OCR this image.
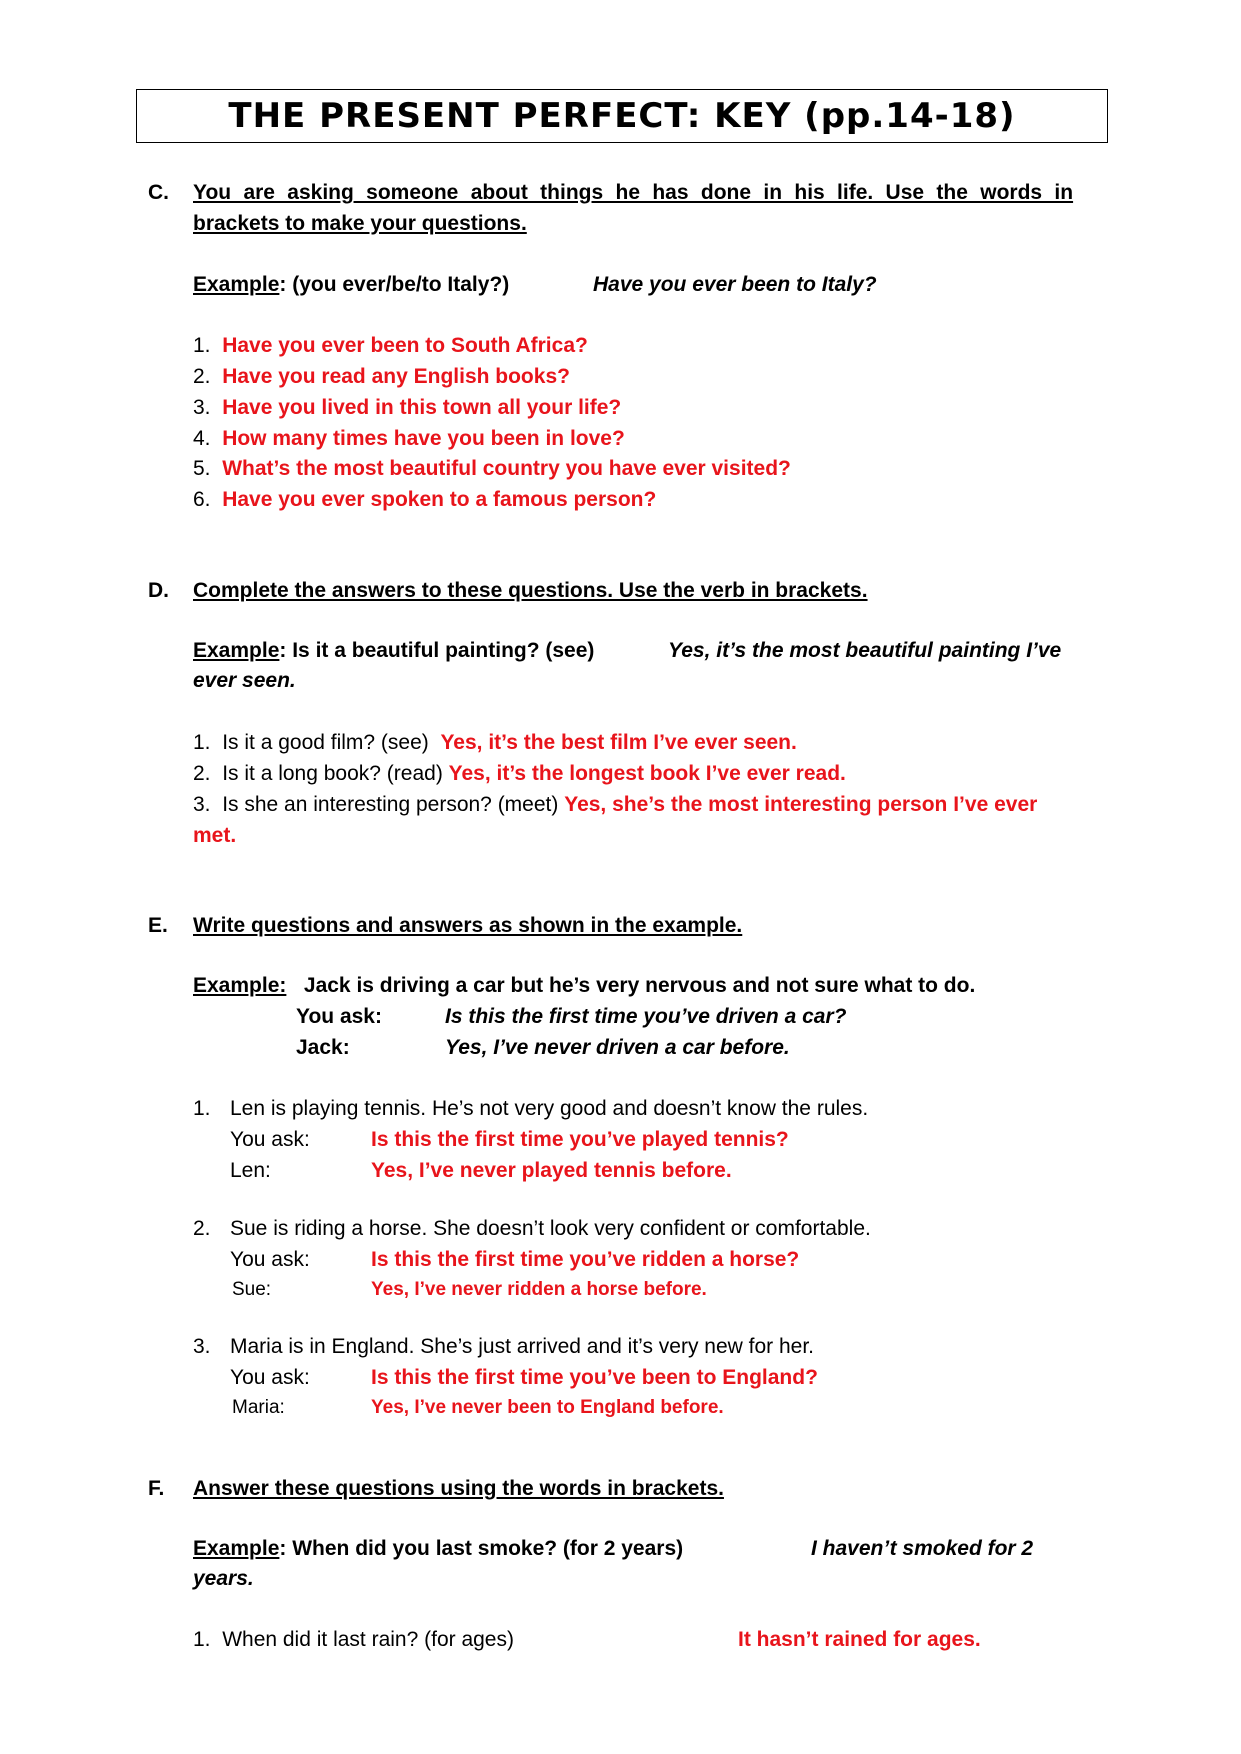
THE PRESENT PERFECT: KEY (pp.14-18)
C. You are asking someone about things he has done in his life. Use the words in
brackets to make your questions.
Example: (you ever/be/to Italy?)	Have you ever been to Italy?
1. Have you ever been to South Africa?
2. Have you read any English books?
3. Have you lived in this town all your life?
4. How many times have you been in love?
5. What’s the most beautiful country you have ever visited?
6. Have you ever spoken to a famous person?
D. Complete the answers to these questions. Use the verb in brackets.
Example: Is it a beautiful painting? (see)	Yes, it’s the most beautiful painting I’ve
ever seen.
1. Is it a good film? (see) Yes, it’s the best film I’ve ever seen.
2. Is it a long book? (read) Yes, it’s the longest book I’ve ever read.
3. Is she an interesting person? (meet) Yes, she’s the most interesting person I’ve ever
met.
E. Write questions and answers as shown in the example.
Example: Jack is driving a car but he’s very nervous and not sure what to do.
You ask:	Is this the first time you’ve driven a car?
Jack:	Yes, I’ve never driven a car before.
1. Len is playing tennis. He’s not very good and doesn’t know the rules.
You ask:	Is this the first time you’ve played tennis?
Len:	Yes, I’ve never played tennis before.
2. Sue is riding a horse. She doesn’t look very confident or comfortable.
You ask:	Is this the first time you’ve ridden a horse?
Sue:	Yes, I’ve never ridden a horse before.
3. Maria is in England. She’s just arrived and it’s very new for her.
You ask:	Is this the first time you’ve been to England?
Maria:	Yes, I’ve never been to England before.
F. Answer these questions using the words in brackets.
Example: When did you last smoke? (for 2 years)	I haven’t smoked for 2
years.
1. When did it last rain? (for ages)	It hasn’t rained for ages.
